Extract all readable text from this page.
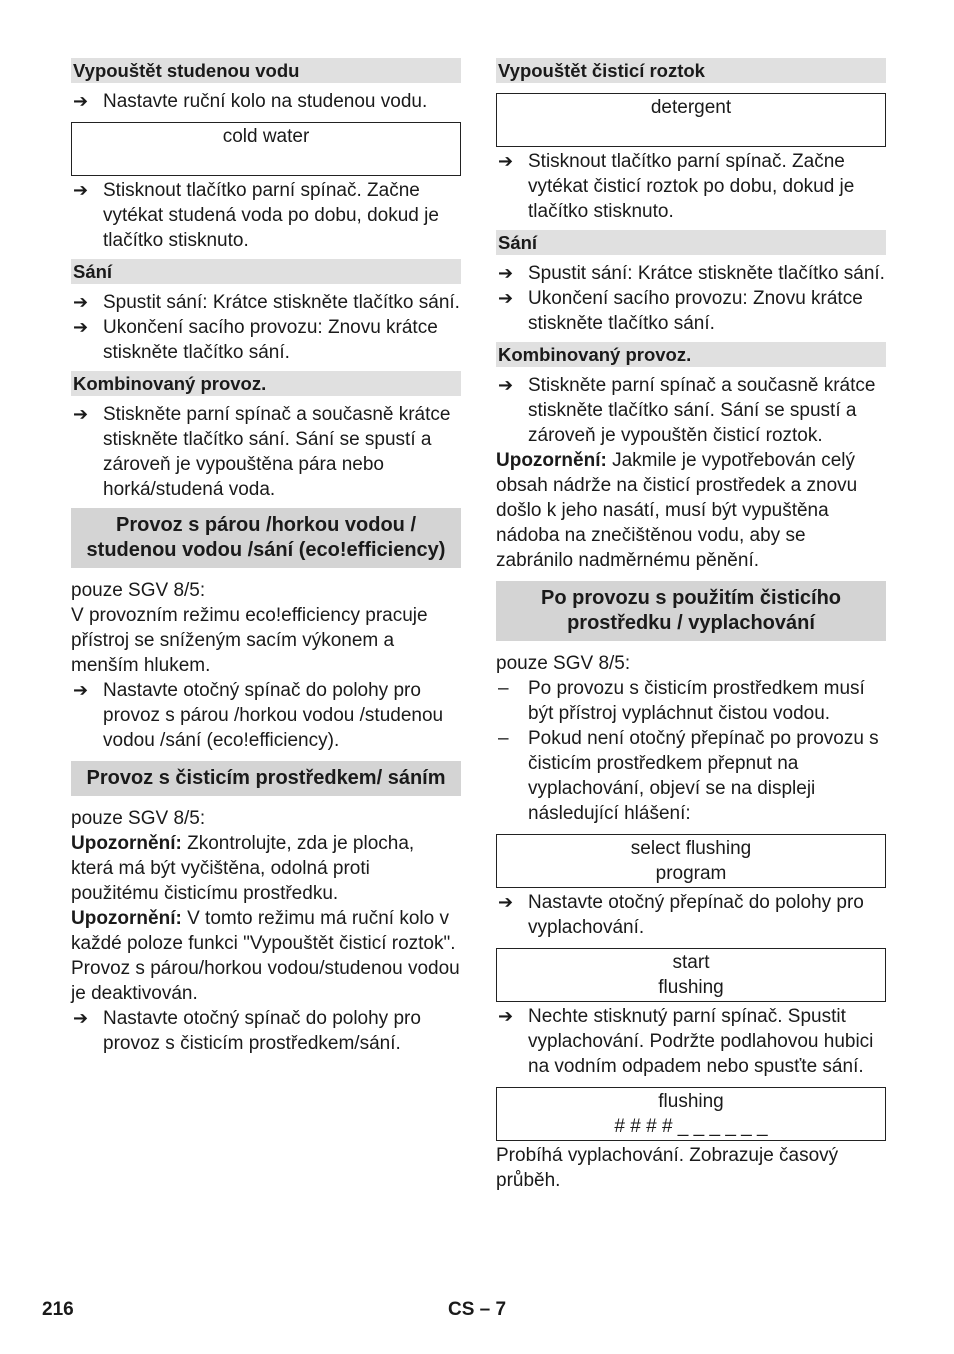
Vypouštět studenou vodu
➔ Nastavte ruční kolo na studenou vodu.
cold water
➔ Stisknout tlačítko parní spínač. Začne vytékat studená voda po dobu, dokud je tlačítko stisknuto.
Sání
➔ Spustit sání: Krátce stiskněte tlačítko sání.
➔ Ukončení sacího provozu: Znovu krátce stiskněte tlačítko sání.
Kombinovaný provoz.
➔ Stiskněte parní spínač a současně krátce stiskněte tlačítko sání. Sání se spustí a zároveň je vypouštěna pára nebo horká/studená voda.
Provoz s párou /horkou vodou / studenou vodou /sání (eco!efficiency)

pouze SGV 8/5:

V provozním režimu eco!efficiency pracuje přístroj se sníženým sacím výkonem a menším hlukem.

➔ Nastavte otočný spínač do polohy pro provoz s párou /horkou vodou /studenou vodou /sání (eco!efficiency).
Provoz s čisticím prostředkem/ sáním

pouze SGV 8/5:

Upozornění: Zkontrolujte, zda je plocha, která má být vyčištěna, odolná proti použitému čisticímu prostředku.

Upozornění: V tomto režimu má ruční kolo v každé poloze funkci "Vypouštět čisticí roztok". Provoz s párou/horkou vodou/studenou vodou je deaktivován.

➔ Nastavte otočný spínač do polohy pro provoz s čisticím prostředkem/sání.
Vypouštět čisticí roztok
detergent
➔ Stisknout tlačítko parní spínač. Začne vytékat čisticí roztok po dobu, dokud je tlačítko stisknuto.
Sání
➔ Spustit sání: Krátce stiskněte tlačítko sání.
➔ Ukončení sacího provozu: Znovu krátce stiskněte tlačítko sání.
Kombinovaný provoz.
➔ Stiskněte parní spínač a současně krátce stiskněte tlačítko sání. Sání se spustí a zároveň je vypouštěn čisticí roztok.

Upozornění: Jakmile je vypotřebován celý obsah nádrže na čisticí prostředek a znovu došlo k jeho nasátí, musí být vypuštěna nádoba na znečištěnou vodu, aby se zabránilo nadměrnému pěnění.

Po provozu s použitím čisticího prostředku / vyplachování

pouze SGV 8/5:

– Po provozu s čisticím prostředkem musí být přístroj vypláchnut čistou vodou.
– Pokud není otočný přepínač po provozu s čisticím prostředkem přepnut na vyplachování, objeví se na displeji následující hlášení:
select flushing
program
➔ Nastavte otočný přepínač do polohy pro vyplachování.
start
flushing
➔ Nechte stisknutý parní spínač. Spustit vyplachování. Podržte podlahovou hubici na vodním odpadem nebo spusťte sání.
flushing
# # # # _ _ _ _ _ _

Probíhá vyplachování. Zobrazuje časový průběh.

216	CS – 7
